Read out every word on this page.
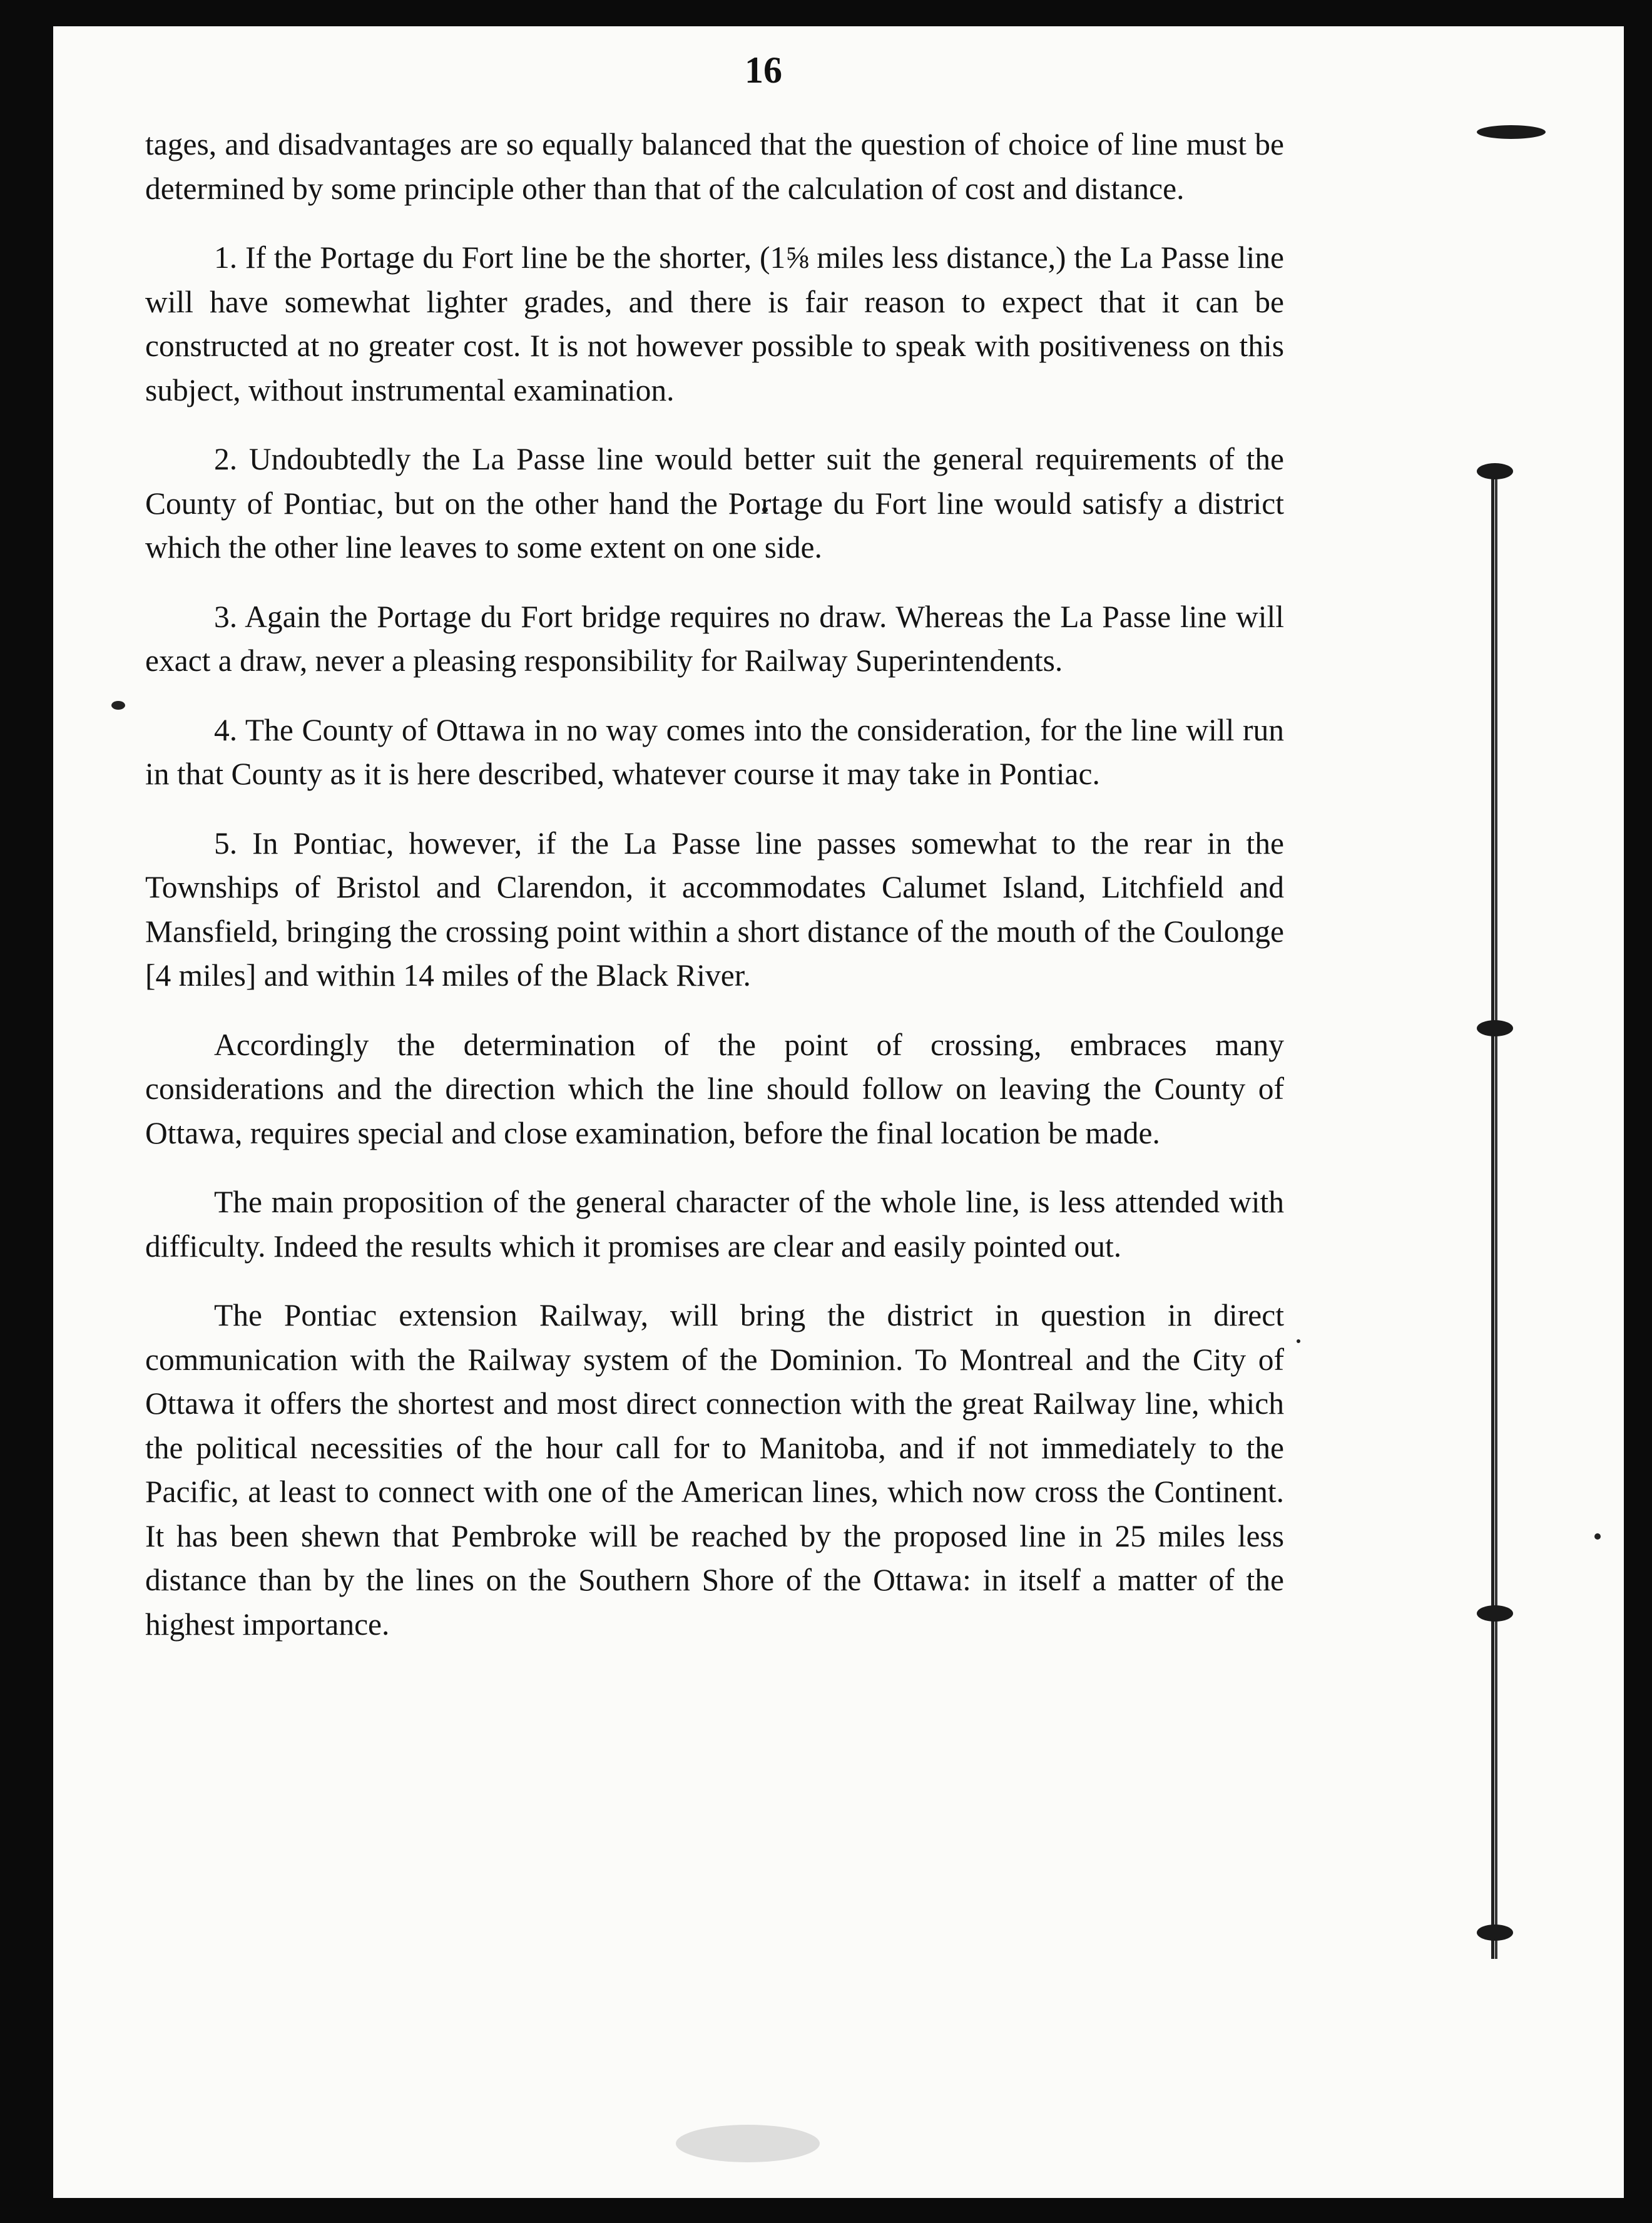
16

tages, and disadvantages are so equally balanced that the question of choice of line must be determined by some principle other than that of the calculation of cost and distance.

1. If the Portage du Fort line be the shorter, (1⅝ miles less distance,) the La Passe line will have somewhat lighter grades, and there is fair reason to expect that it can be constructed at no greater cost. It is not however possible to speak with positiveness on this subject, without instrumental examination.

2. Undoubtedly the La Passe line would better suit the general requirements of the County of Pontiac, but on the other hand the Portage du Fort line would satisfy a district which the other line leaves to some extent on one side.

3. Again the Portage du Fort bridge requires no draw. Whereas the La Passe line will exact a draw, never a pleasing responsibility for Railway Superintendents.

4. The County of Ottawa in no way comes into the consideration, for the line will run in that County as it is here described, whatever course it may take in Pontiac.

5. In Pontiac, however, if the La Passe line passes somewhat to the rear in the Townships of Bristol and Clarendon, it accommodates Calumet Island, Litchfield and Mansfield, bringing the crossing point within a short distance of the mouth of the Coulonge [4 miles] and within 14 miles of the Black River.

Accordingly the determination of the point of crossing, embraces many considerations and the direction which the line should follow on leaving the County of Ottawa, requires special and close examination, before the final location be made.

The main proposition of the general character of the whole line, is less attended with difficulty. Indeed the results which it promises are clear and easily pointed out.

The Pontiac extension Railway, will bring the district in question in direct communication with the Railway system of the Dominion. To Montreal and the City of Ottawa it offers the shortest and most direct connection with the great Railway line, which the political necessities of the hour call for to Manitoba, and if not immediately to the Pacific, at least to connect with one of the American lines, which now cross the Continent. It has been shewn that Pembroke will be reached by the proposed line in 25 miles less distance than by the lines on the Southern Shore of the Ottawa: in itself a matter of the highest importance.
